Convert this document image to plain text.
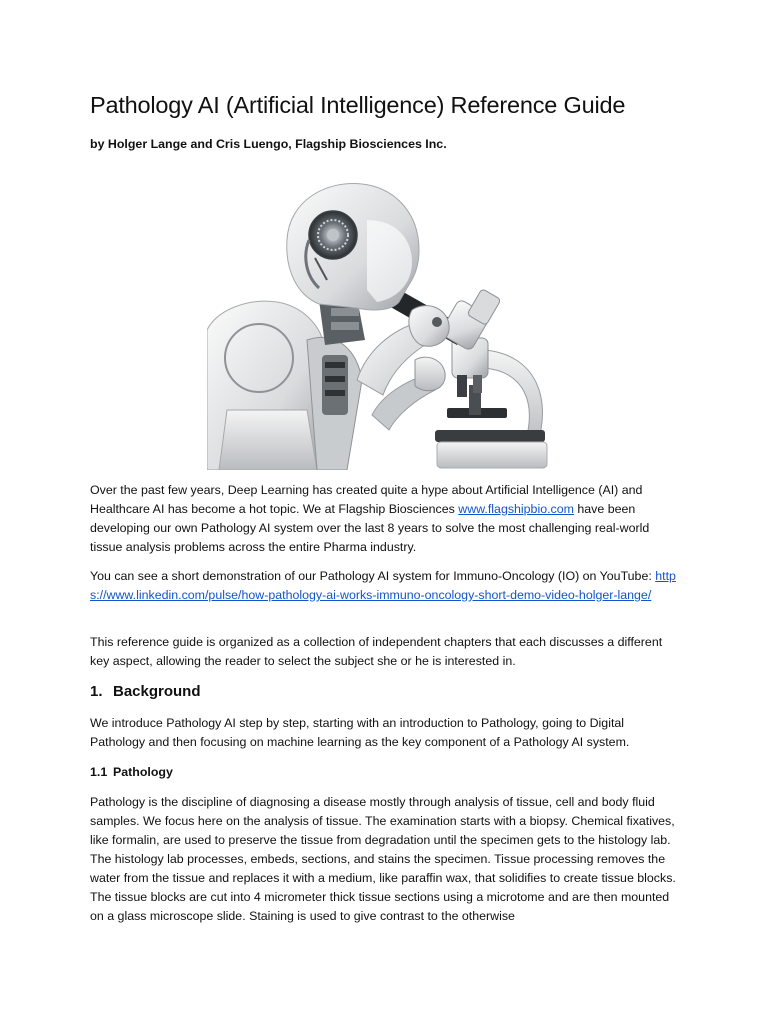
Pathology AI (Artificial Intelligence) Reference Guide

by Holger Lange and Cris Luengo, Flagship Biosciences Inc.

Over the past few years, Deep Learning has created quite a hype about Artificial Intelligence (AI) and Healthcare AI has become a hot topic. We at Flagship Biosciences www.flagshipbio.com have been developing our own Pathology AI system over the last 8 years to solve the most challenging real-world tissue analysis problems across the entire Pharma industry.

You can see a short demonstration of our Pathology AI system for Immuno-Oncology (IO) on YouTube: https://www.linkedin.com/pulse/how-pathology-ai-works-immuno-oncology-short-demo-video-holger-lange/

This reference guide is organized as a collection of independent chapters that each discusses a different key aspect, allowing the reader to select the subject she or he is interested in.

1. Background

We introduce Pathology AI step by step, starting with an introduction to Pathology, going to Digital Pathology and then focusing on machine learning as the key component of a Pathology AI system.

1.1 Pathology

Pathology is the discipline of diagnosing a disease mostly through analysis of tissue, cell and body fluid samples. We focus here on the analysis of tissue. The examination starts with a biopsy. Chemical fixatives, like formalin, are used to preserve the tissue from degradation until the specimen gets to the histology lab. The histology lab processes, embeds, sections, and stains the specimen. Tissue processing removes the water from the tissue and replaces it with a medium, like paraffin wax, that solidifies to create tissue blocks. The tissue blocks are cut into 4 micrometer thick tissue sections using a microtome and are then mounted on a glass microscope slide. Staining is used to give contrast to the otherwise
